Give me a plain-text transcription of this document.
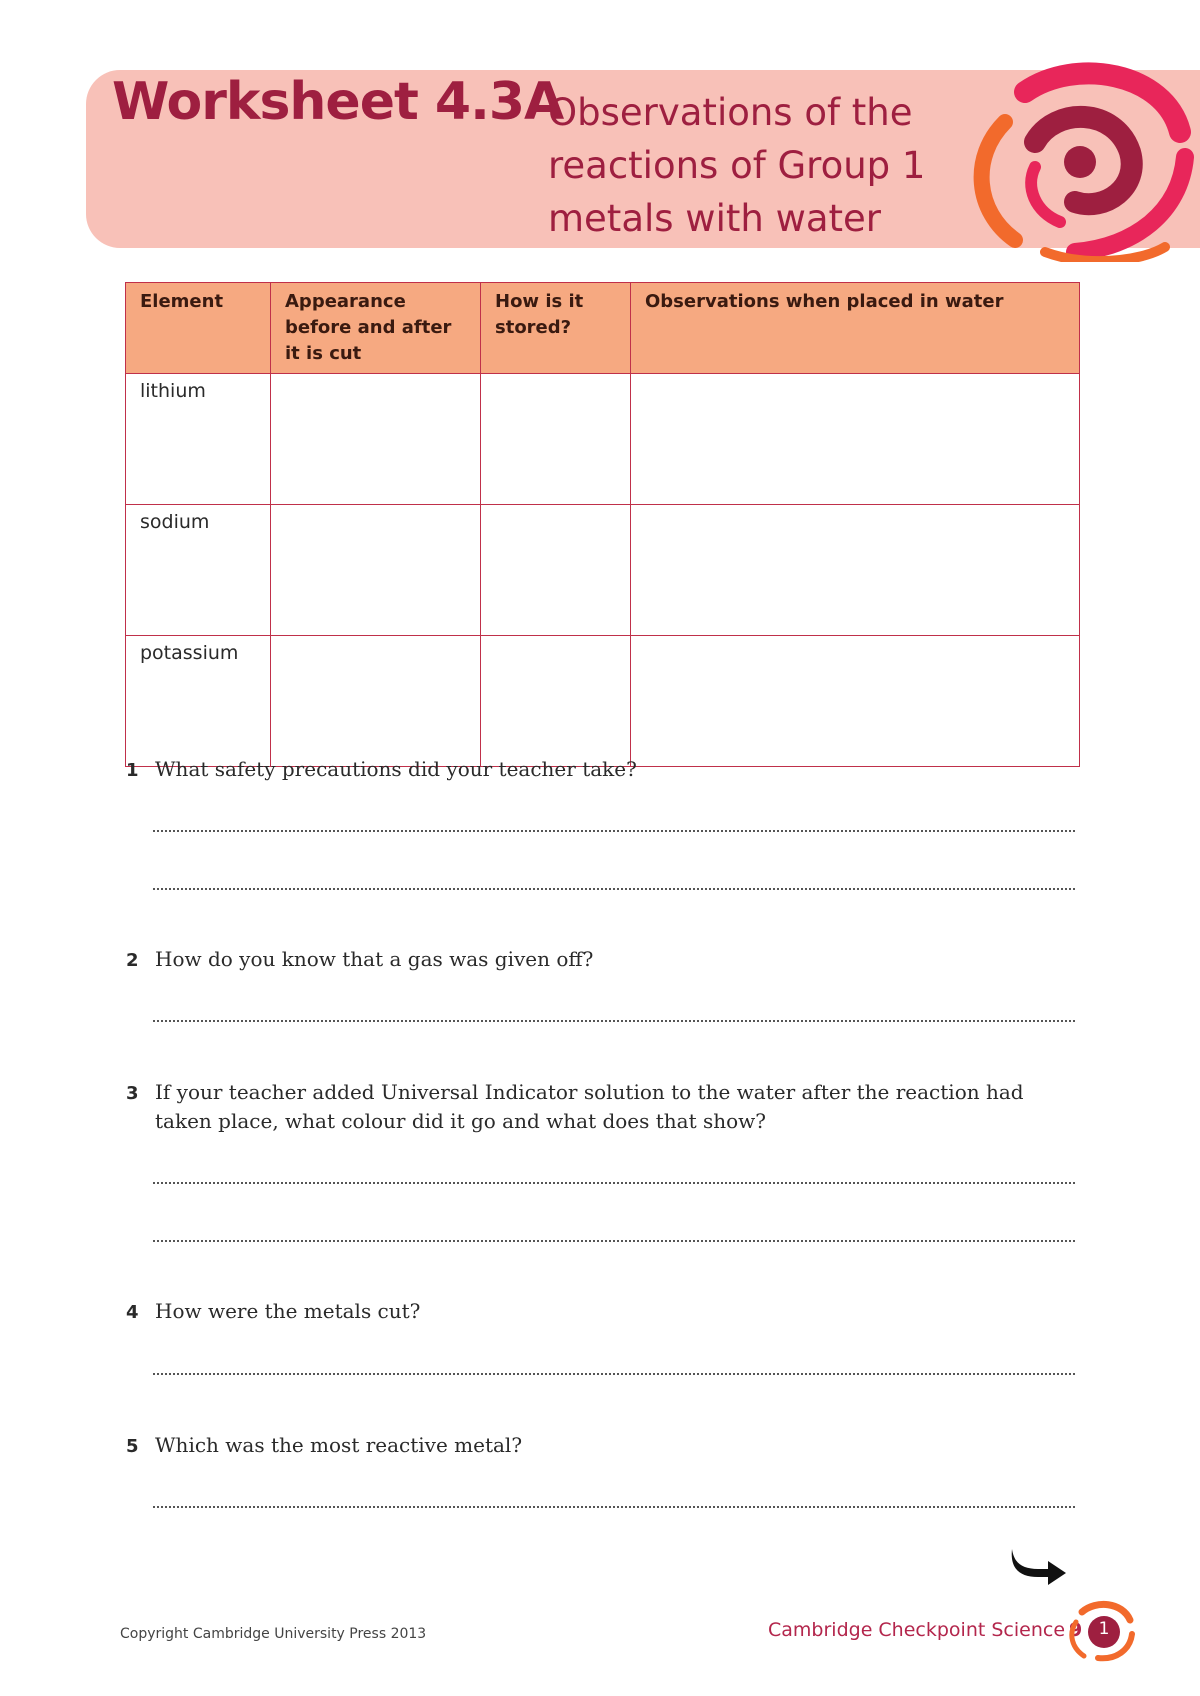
Worksheet 4.3A
Observations of the
reactions of Group 1
metals with water
Element	Appearance before and after it is cut	How is it stored?	Observations when placed in water
lithium			
sodium			
potassium			
1 What safety precautions did your teacher take?
2 How do you know that a gas was given off?
3 If your teacher added Universal Indicator solution to the water after the reaction had taken place, what colour did it go and what does that show?
4 How were the metals cut?
5 Which was the most reactive metal?
Copyright Cambridge University Press 2013	Cambridge Checkpoint Science 9 1
